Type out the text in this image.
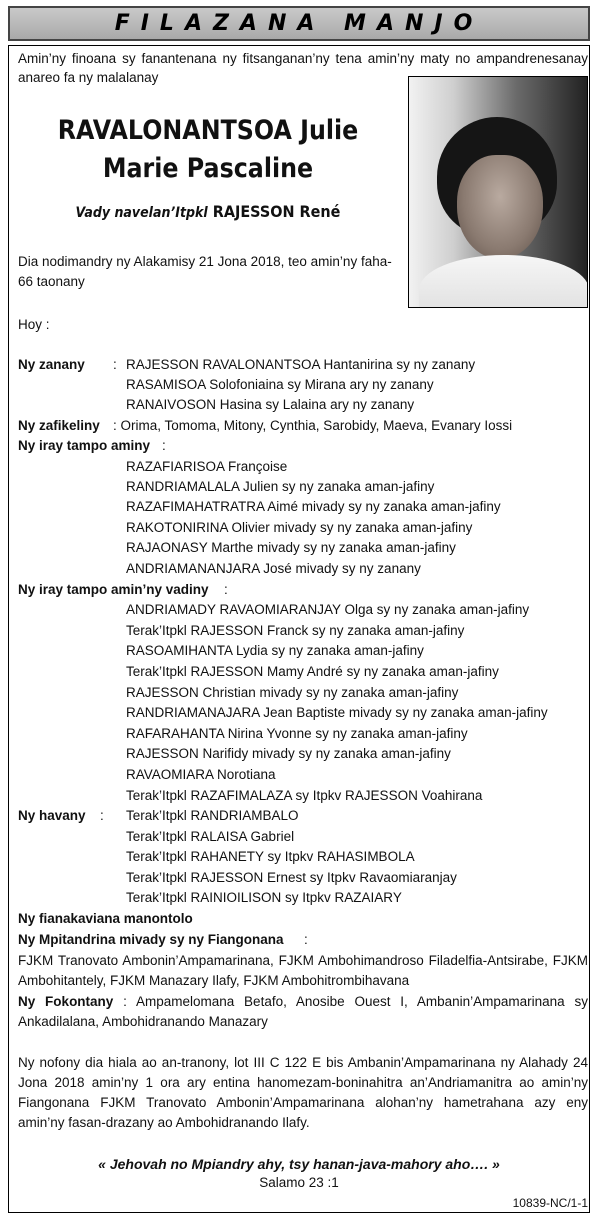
FILAZANA MANJO
Amin’ny finoana sy fanantenana ny fitsanganan’ny tena amin’ny maty no ampandrenesanay anareo fa ny malalanay
RAVALONANTSOA Julie
Marie Pascaline
Vady navelan’Itpkl RAJESSON René
Dia nodimandry ny Alakamisy 21 Jona 2018, teo amin’ny faha-66 taonany
Hoy :
Ny zanany : RAJESSON RAVALONANTSOA Hantanirina sy ny zanany
RASAMISOA Solofoniaina sy Mirana ary ny zanany
RANAIVOSON Hasina sy Lalaina ary ny zanany
Ny zafikeliny : Orima, Tomoma, Mitony, Cynthia, Sarobidy, Maeva, Evanary Iossi
Ny iray tampo aminy :
RAZAFIARISOA Françoise
RANDRIAMALALA Julien sy ny zanaka aman-jafiny
RAZAFIMAHATRATRA Aimé mivady sy ny zanaka aman-jafiny
RAKOTONIRINA Olivier mivady sy ny zanaka aman-jafiny
RAJAONASY Marthe mivady sy ny zanaka aman-jafiny
ANDRIAMANANJARA José mivady sy ny zanany
Ny iray tampo amin’ny vadiny :
ANDRIAMADY RAVAOMIARANJAY Olga sy ny zanaka aman-jafiny
Terak’Itpkl RAJESSON Franck sy ny zanaka aman-jafiny
RASOAMIHANTA Lydia sy ny zanaka aman-jafiny
Terak’Itpkl RAJESSON Mamy André sy ny zanaka aman-jafiny
RAJESSON Christian mivady sy ny zanaka aman-jafiny
RANDRIAMANAJARA Jean Baptiste mivady sy ny zanaka aman-jafiny
RAFARAHANTA Nirina Yvonne sy ny zanaka aman-jafiny
RAJESSON Narifidy mivady sy ny zanaka aman-jafiny
RAVAOMIARA Norotiana
Terak’Itpkl RAZAFIMALAZA sy Itpkv RAJESSON Voahirana
Ny havany : Terak’Itpkl RANDRIAMBALO
Terak’Itpkl RALAISA Gabriel
Terak’Itpkl RAHANETY sy Itpkv RAHASIMBOLA
Terak’Itpkl RAJESSON Ernest sy Itpkv Ravaomiaranjay
Terak’Itpkl RAINIOILISON sy Itpkv RAZAIARY
Ny fianakaviana manontolo
Ny Mpitandrina mivady sy ny Fiangonana :
FJKM Tranovato Ambonin’Ampamarinana, FJKM Ambohimandroso Filadelfia-Antsirabe, FJKM Ambohitantely, FJKM Manazary Ilafy, FJKM Ambohitrombihavana
Ny Fokontany : Ampamelomana Betafo, Anosibe Ouest I, Ambanin’Ampamarinana sy Ankadilalana, Ambohidranando Manazary
Ny nofony dia hiala ao an-tranony, lot III C 122 E bis Ambanin’Ampamarinana ny Alahady 24 Jona 2018 amin’ny 1 ora ary entina hanomezam-boninahitra an’Andriamanitra ao amin’ny Fiangonana FJKM Tranovato Ambonin’Ampamarinana alohan’ny hametrahana azy eny amin’ny fasan-drazany ao Ambohidranando Ilafy.
« Jehovah no Mpiandry ahy, tsy hanan-java-mahory aho…. »
Salamo 23 :1
10839-NC/1-1
